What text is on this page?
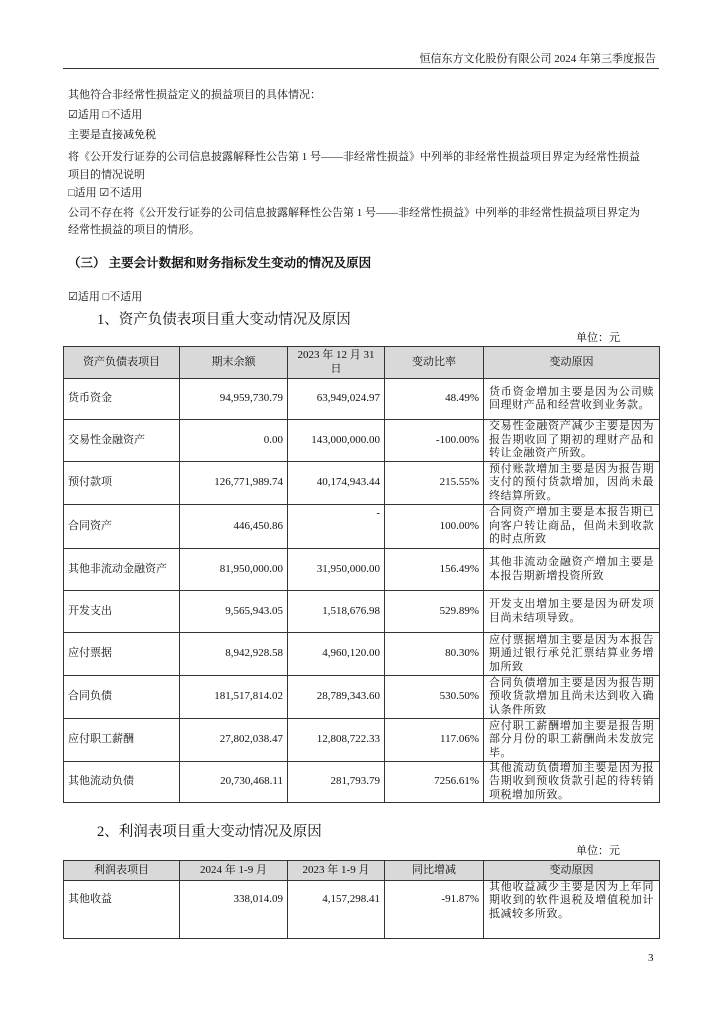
恒信东方文化股份有限公司 2024 年第三季度报告
其他符合非经常性损益定义的损益项目的具体情况：
☑适用 □不适用
主要是直接减免税
将《公开发行证券的公司信息披露解释性公告第 1 号——非经常性损益》中列举的非经常性损益项目界定为经常性损益
项目的情况说明
□适用 ☑不适用
公司不存在将《公开发行证券的公司信息披露解释性公告第 1 号——非经常性损益》中列举的非经常性损益项目界定为
经常性损益的项目的情形。
（三） 主要会计数据和财务指标发生变动的情况及原因
☑适用 □不适用
1、资产负债表项目重大变动情况及原因
单位：元
资产负债表项目	期末余额	2023 年 12 月 31 日	变动比率	变动原因
货币资金	94,959,730.79	63,949,024.97	48.49%	货币资金增加主要是因为公司赎回理财产品和经营收到业务款。
交易性金融资产	0.00	143,000,000.00	-100.00%	交易性金融资产减少主要是因为报告期收回了期初的理财产品和转让金融资产所致。
预付款项	126,771,989.74	40,174,943.44	215.55%	预付账款增加主要是因为报告期支付的预付货款增加，因尚未最终结算所致。
合同资产	446,450.86	-	100.00%	合同资产增加主要是本报告期已向客户转让商品，但尚未到收款的时点所致
其他非流动金融资产	81,950,000.00	31,950,000.00	156.49%	其他非流动金融资产增加主要是本报告期新增投资所致
开发支出	9,565,943.05	1,518,676.98	529.89%	开发支出增加主要是因为研发项目尚未结项导致。
应付票据	8,942,928.58	4,960,120.00	80.30%	应付票据增加主要是因为本报告期通过银行承兑汇票结算业务增加所致
合同负债	181,517,814.02	28,789,343.60	530.50%	合同负债增加主要是因为报告期预收货款增加且尚未达到收入确认条件所致
应付职工薪酬	27,802,038.47	12,808,722.33	117.06%	应付职工薪酬增加主要是报告期部分月份的职工薪酬尚未发放完毕。
其他流动负债	20,730,468.11	281,793.79	7256.61%	其他流动负债增加主要是因为报告期收到预收货款引起的待转销项税增加所致。
2、利润表项目重大变动情况及原因
单位：元
利润表项目	2024 年 1-9 月	2023 年 1-9 月	同比增减	变动原因
其他收益	338,014.09	4,157,298.41	-91.87%	其他收益减少主要是因为上年同期收到的软件退税及增值税加计抵减较多所致。
3
